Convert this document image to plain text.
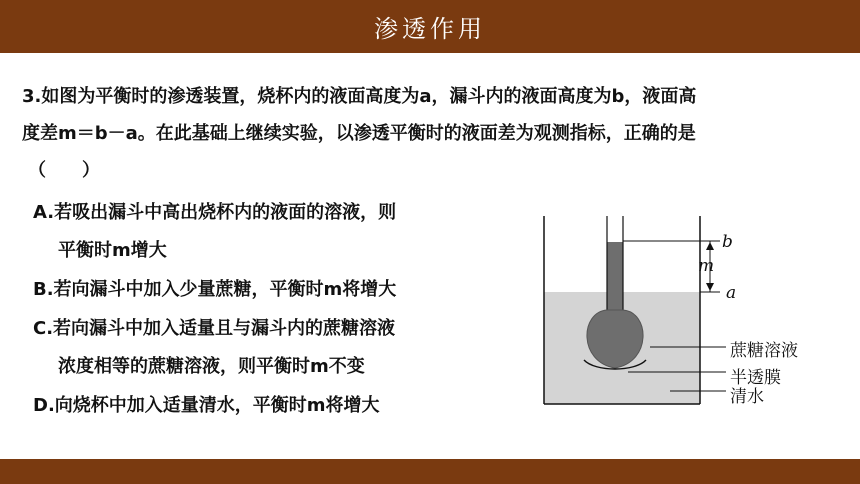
渗透作用
3.如图为平衡时的渗透装置，烧杯内的液面高度为a，漏斗内的液面高度为b，液面高
度差m＝b－a。在此基础上继续实验，以渗透平衡时的液面差为观测指标，正确的是
（　　）
A.若吸出漏斗中高出烧杯内的液面的溶液，则
平衡时m增大
B.若向漏斗中加入少量蔗糖，平衡时m将增大
C.若向漏斗中加入适量且与漏斗内的蔗糖溶液
浓度相等的蔗糖溶液，则平衡时m不变
D.向烧杯中加入适量清水，平衡时m将增大
b
m
a
蔗糖溶液
半透膜
清水
